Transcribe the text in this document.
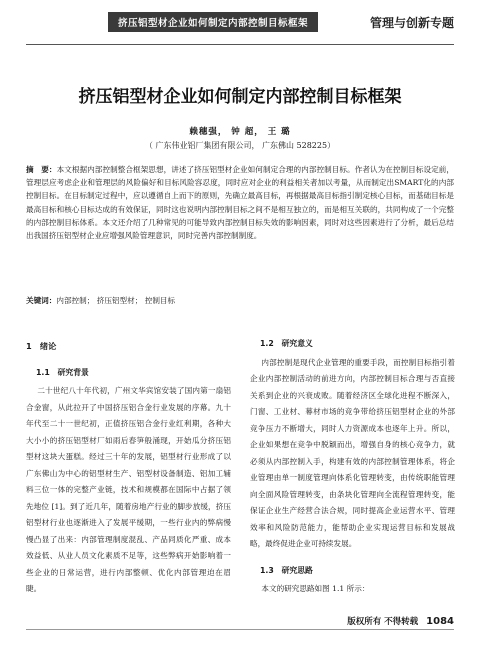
挤压铝型材企业如何制定内部控制目标框架	管理与创新专题
挤压铝型材企业如何制定内部控制目标框架
赖穗强， 钟 超， 王 璐
（ 广东伟业铝厂集团有限公司， 广东佛山 528225）
摘　要：本文根据内部控制整合框架思想，讲述了挤压铝型材企业如何制定合理的内部控制目标。作者认为在控制目标设定前，管理层应考虑企业和管理层的风险偏好和目标风险容忍度，同时应对企业的利益相关者加以考量，从而制定出SMART化的内部控制目标。在目标制定过程中，应以遵循自上而下的原则，先确立最高目标，再根据最高目标指引制定核心目标，而基础目标是最高目标和核心目标达成的有效保证，同时这也说明内部控制目标之间不是相互独立的，而是相互关联的，共同构成了一个完整的内部控制目标体系。本文还介绍了几种常见的可能导致内部控制目标失效的影响因素，同时对这些因素进行了分析，最后总结出我国挤压铝型材企业应增强风险管理意识，同时完善内部控制制度。
关键词：内部控制； 挤压铝型材； 控制目标
1　绪论
1.1　研究背景

二十世纪八十年代初，广州文华宾馆安装了国内第一扇铝合金窗，从此拉开了中国挤压铝合金行业发展的序幕。九十年代至二十一世纪初，正值挤压铝合金行业红利期，各种大大小小的挤压铝型材厂如雨后春笋般涌现，开始瓜分挤压铝型材这块大蛋糕。经过三十年的发展，铝型材行业形成了以广东佛山为中心的铝型材生产、铝型材设备制造、铝加工辅料三位一体的完整产业链，技术和规模都在国际中占据了领先地位 [1]。到了近几年，随着房地产行业的脚步放缓，挤压铝型材行业也逐渐进入了发展平缓期，一些行业内的弊病慢慢凸显了出来：内部管理制度混乱、产品同质化严重、成本效益低、从业人员文化素质不足等，这些弊病开始影响着一些企业的日常运营，进行内部整顿、优化内部管理迫在眉睫。

1.2　研究意义

内部控制是现代企业管理的重要手段，而控制目标指引着企业内部控制活动的前进方向，内部控制目标合理与否直接关系到企业的兴衰成败。随着经济区全球化进程不断深入，门窗、工业材、幕材市场的竞争带给挤压铝型材企业的外部竞争压力不断增大，同时人力资源成本也逐年上升。所以，企业如果想在竞争中脱颖而出，增强自身的核心竞争力，就必须从内部控制入手，构建有效的内部控制管理体系，将企业管理由单一制度管理向体系化管理转变，由传统职能管理向全面风险管理转变，由条块化管理向全流程管理转变，能保证企业生产经营合法合规，同时提高企业运营水平、管理效率和风险防范能力，能帮助企业实现运营目标和发展战略，最终促进企业可持续发展。

1.3　研究思路

本文的研究思路如图 1.1 所示：

版权所有 不得转载 1084
